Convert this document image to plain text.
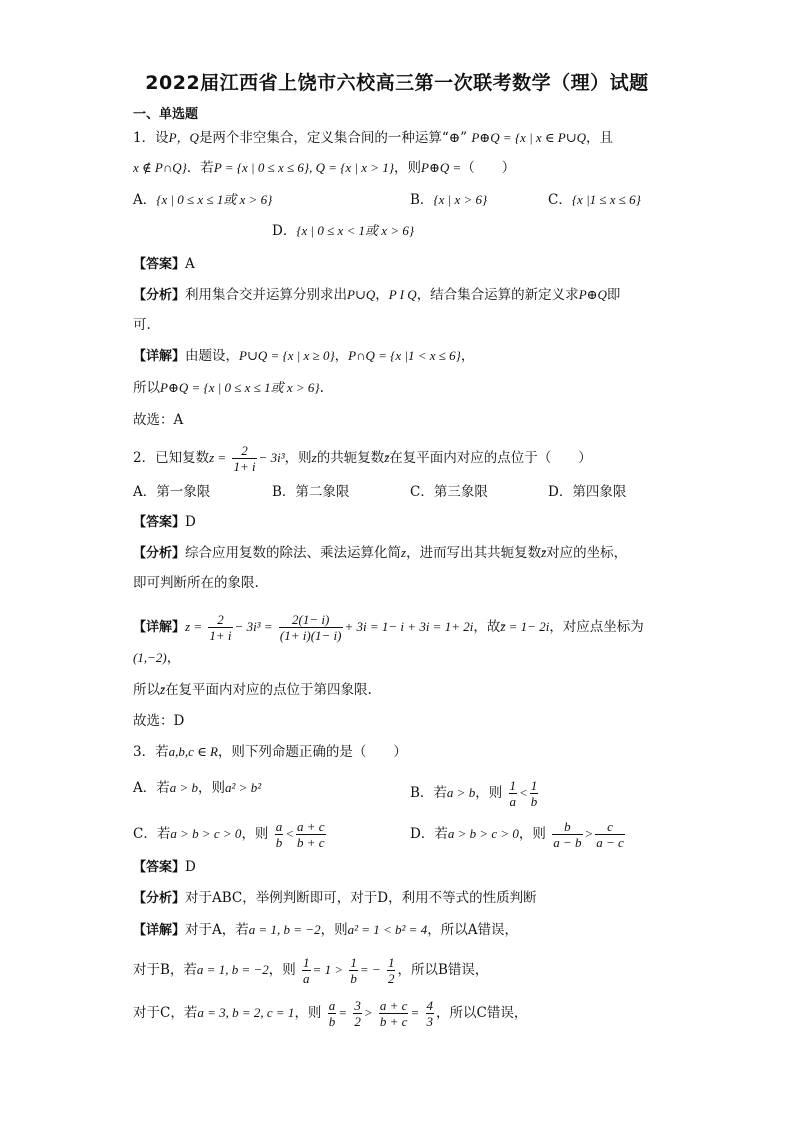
2022届江西省上饶市六校高三第一次联考数学（理）试题
一、单选题
1．设P，Q是两个非空集合，定义集合间的一种运算“⊕” P⊕Q = {x | x ∈ P∪Q，且
x ∉ P∩Q}．若P = {x | 0 ≤ x ≤ 6}, Q = {x | x > 1}，则P⊕Q =（　　）
A．{x | 0 ≤ x ≤ 1或 x > 6}	B．{x | x > 6}	C．{x |1 ≤ x ≤ 6}
D．{x | 0 ≤ x < 1或 x > 6}
【答案】A
【分析】利用集合交并运算分别求出P∪Q，P I Q，结合集合运算的新定义求P⊕Q即
可.
【详解】由题设，P∪Q = {x | x ≥ 0}，P∩Q = {x |1 < x ≤ 6}，
所以P⊕Q = {x | 0 ≤ x ≤ 1或 x > 6}.
故选：A
2．已知复数$z = \frac{2}{1+ i} - 3i^3$，则z的共轭复数z̄在复平面内对应的点位于（　　）
A．第一象限	B．第二象限	C．第三象限	D．第四象限
【答案】D
【分析】综合应用复数的除法、乘法运算化简z，进而写出其共轭复数z̄对应的坐标，
即可判断所在的象限.
【详解】$z = \frac{2}{1+ i} - 3i^3 = \frac{2(1- i)}{(1+ i)(1- i)} + 3i = 1- i + 3i = 1+ 2i$，故z̄ = 1− 2i，对应点坐标为
(1,−2)，
所以z̄在复平面内对应的点位于第四象限.
故选：D
3．若a,b,c ∈ R，则下列命题正确的是（　　）
A．若a > b，则a² > b²	B．若a > b，则 $\frac{1}{a} < \frac{1}{b}$
C．若a > b > c > 0，则 $\frac{a}{b} < \frac{a + c}{b + c}$	D．若a > b > c > 0，则 $\frac{b}{a - b} > \frac{c}{a - c}$
【答案】D
【分析】对于ABC，举例判断即可，对于D，利用不等式的性质判断
【详解】对于A，若a = 1, b = −2，则a² = 1 < b² = 4，所以A错误，
对于B，若a = 1, b = −2，则 $\frac{1}{a} = 1 > \frac{1}{b}$ = − $\frac{1}{2}$ ，所以B错误，
对于C，若a = 3, b = 2, c = 1，则 $\frac{a}{b} = \frac{3}{2} > \frac{a + c}{b + c} = \frac{4}{3}$ ，所以C错误，
